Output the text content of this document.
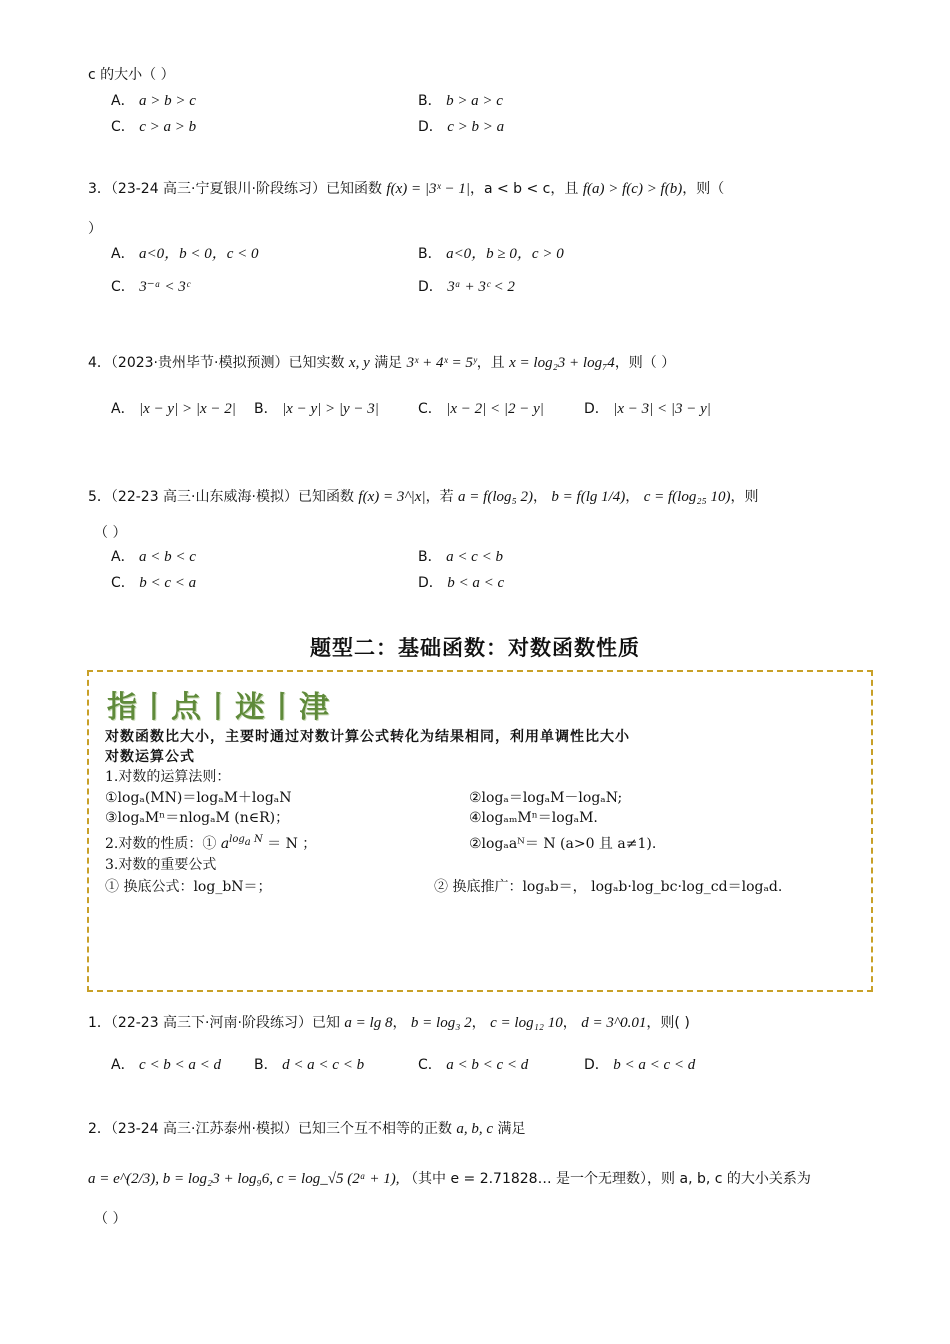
c 的大小（ ）
A． a > b > c	B． b > a > c
C． c > a > b	D． c > b > a
3．（23-24 高三·宁夏银川·阶段练习）已知函数 f(x) = |3ˣ − 1|，a < b < c，且 f(a) > f(c) > f(b)，则（
）
A． a<0，b < 0，c < 0	B． a<0，b ≥ 0，c > 0
C． 3⁻ᵃ < 3ᶜ	D． 3ᵃ + 3ᶜ < 2
4．（2023·贵州毕节·模拟预测）已知实数 x, y 满足 3ˣ + 4ˣ = 5ʸ，且 x = log₂3 + log₇4，则（ ）
A． |x − y| > |x − 2| B． |x − y| > |y − 3|	C． |x − 2| < |2 − y|	D． |x − 3| < |3 − y|
5．（22-23 高三·山东威海·模拟）已知函数 f(x) = 3^|x|，若 a = f(log₅ 2)， b = f(lg 1/4)， c = f(log₂₅ 10)，则
（ ）
A． a < b < c	B． a < c < b
C． b < c < a	D． b < a < c
题型二：基础函数：对数函数性质
指丨点丨迷丨津
对数函数比大小，主要时通过对数计算公式转化为结果相同，利用单调性比大小
对数运算公式
1.对数的运算法则：
①logₐ(MN)＝logₐM＋logₐN	②logₐ＝logₐM－logₐN;
③logₐMⁿ＝nlogₐM (n∈R)；	④logₐₘMⁿ＝logₐM.
2.对数的性质：① $a^{log_a N} = N$ ；	②logₐaᴺ＝ N (a>0 且 a≠1).
3.对数的重要公式
① 换底公式：log_bN＝；	② 换底推广：logₐb＝， logₐb·log_bc·log_cd＝logₐd.
1．（22-23 高三下·河南·阶段练习）已知 a = lg 8， b = log₃ 2， c = log₁₂ 10， d = 3^0.01，则( )
A． c < b < a < d B． d < a < c < b	C． a < b < c < d	D． b < a < c < d
2．（23-24 高三·江苏泰州·模拟）已知三个互不相等的正数 a, b, c 满足
a = e^(2/3), b = log₂3 + log₉6, c = log_√5 (2ᵃ + 1), （其中 e = 2.71828… 是一个无理数），则 a, b, c 的大小关系为
（ ）
